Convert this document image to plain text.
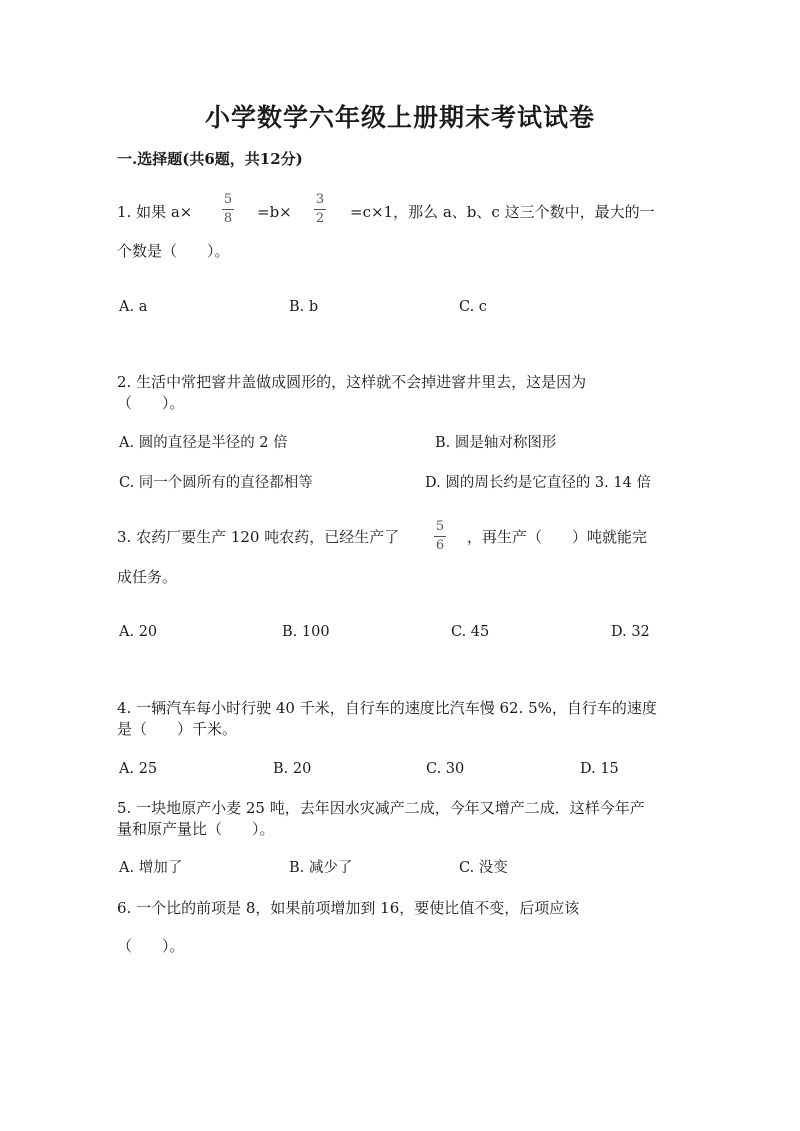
小学数学六年级上册期末考试试卷
一.选择题(共6题，共12分)
1. 如果 a×
5
8 =b×
3
2 =c×1，那么 a、b、c 这三个数中，最大的一
个数是（　　）。
A. a	B. b	C. c
2. 生活中常把窨井盖做成圆形的，这样就不会掉进窨井里去，这是因为
（　　）。
A. 圆的直径是半径的 2 倍	B. 圆是轴对称图形
C. 同一个圆所有的直径都相等	D. 圆的周长约是它直径的 3. 14 倍
3. 农药厂要生产 120 吨农药，已经生产了
5
6 ，再生产（　　）吨就能完
成任务。
A. 20	B. 100	C. 45	D. 32
4. 一辆汽车每小时行驶 40 千米，自行车的速度比汽车慢 62. 5%，自行车的速度
是（　　）千米。
A. 25	B. 20	C. 30	D. 15
5. 一块地原产小麦 25 吨，去年因水灾减产二成，今年又增产二成．这样今年产
量和原产量比（　　）。
A. 增加了	B. 减少了	C. 没变
6. 一个比的前项是 8，如果前项增加到 16，要使比值不变，后项应该
（　　）。
